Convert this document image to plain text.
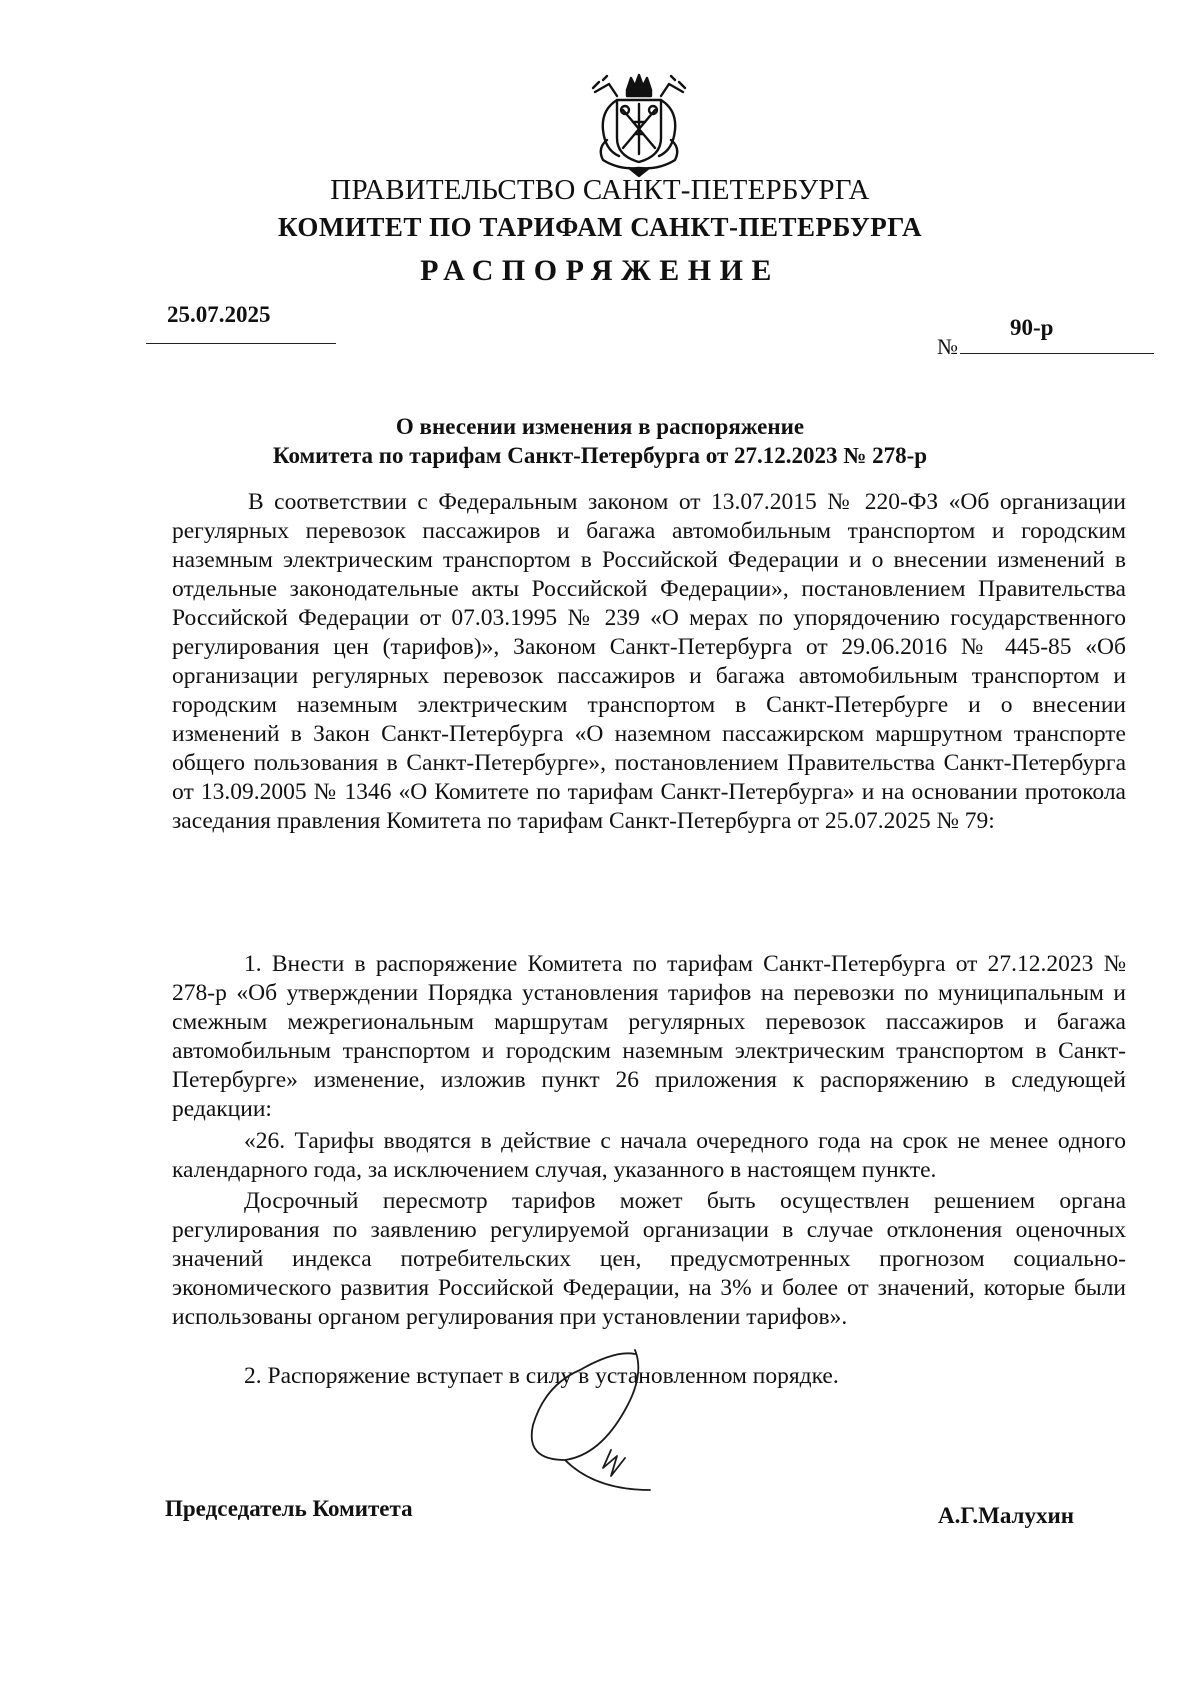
ПРАВИТЕЛЬСТВО САНКТ-ПЕТЕРБУРГА
КОМИТЕТ ПО ТАРИФАМ САНКТ-ПЕТЕРБУРГА
РАСПОРЯЖЕНИЕ
25.07.2025
№
90-р
О внесении изменения в распоряжение
Комитета по тарифам Санкт-Петербурга от 27.12.2023 № 278-р

В соответствии с Федеральным законом от 13.07.2015 № 220-ФЗ «Об организации регулярных перевозок пассажиров и багажа автомобильным транспортом и городским наземным электрическим транспортом в Российской Федерации и о внесении изменений в отдельные законодательные акты Российской Федерации», постановлением Правительства Российской Федерации от 07.03.1995 № 239 «О мерах по упорядочению государственного регулирования цен (тарифов)», Законом Санкт-Петербурга от 29.06.2016 № 445-85 «Об организации регулярных перевозок пассажиров и багажа автомобильным транспортом и городским наземным электрическим транспортом в Санкт-Петербурге и о внесении изменений в Закон Санкт-Петербурга «О наземном пассажирском маршрутном транспорте общего пользования в Санкт-Петербурге», постановлением Правительства Санкт-Петербурга от 13.09.2005 № 1346 «О Комитете по тарифам Санкт-Петербурга» и на основании протокола заседания правления Комитета по тарифам Санкт-Петербурга от 25.07.2025 № 79:

1. Внести в распоряжение Комитета по тарифам Санкт-Петербурга от 27.12.2023 № 278-р «Об утверждении Порядка установления тарифов на перевозки по муниципальным и смежным межрегиональным маршрутам регулярных перевозок пассажиров и багажа автомобильным транспортом и городским наземным электрическим транспортом в Санкт-Петербурге» изменение, изложив пункт 26 приложения к распоряжению в следующей редакции:

«26. Тарифы вводятся в действие с начала очередного года на срок не менее одного календарного года, за исключением случая, указанного в настоящем пункте.

Досрочный пересмотр тарифов может быть осуществлен решением органа регулирования по заявлению регулируемой организации в случае отклонения оценочных значений индекса потребительских цен, предусмотренных прогнозом социально-экономического развития Российской Федерации, на 3% и более от значений, которые были использованы органом регулирования при установлении тарифов».

2. Распоряжение вступает в силу в установленном порядке.

Председатель Комитета	А.Г.Малухин
